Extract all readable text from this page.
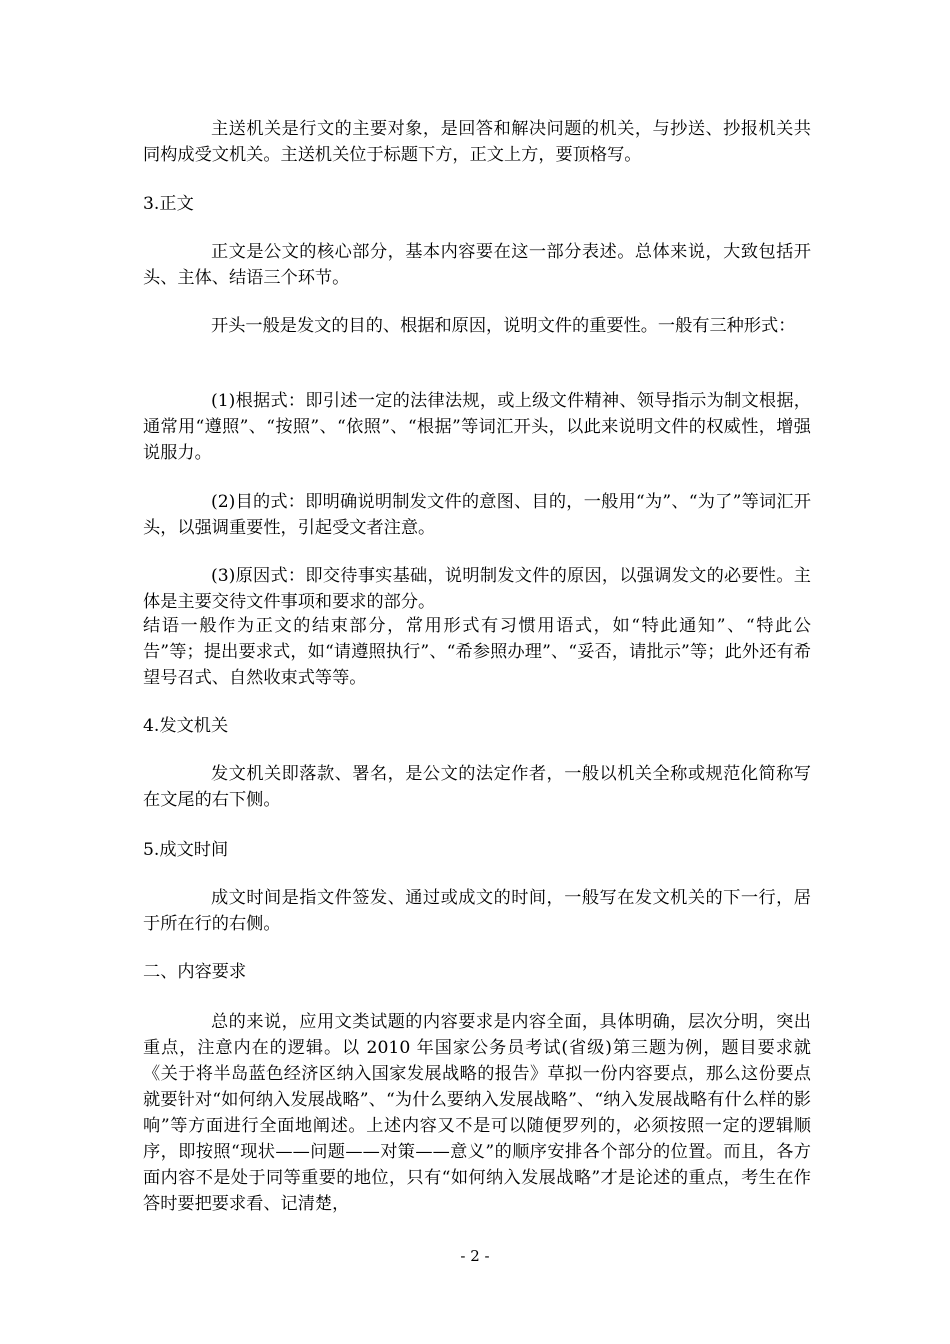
主送机关是行文的主要对象，是回答和解决问题的机关，与抄送、抄报机关共同构成受文机关。主送机关位于标题下方，正文上方，要顶格写。

3.正文

正文是公文的核心部分，基本内容要在这一部分表述。总体来说，大致包括开头、主体、结语三个环节。

开头一般是发文的目的、根据和原因，说明文件的重要性。一般有三种形式：

(1)根据式：即引述一定的法律法规，或上级文件精神、领导指示为制文根据，通常用“遵照”、“按照”、“依照”、“根据”等词汇开头，以此来说明文件的权威性，增强说服力。

(2)目的式：即明确说明制发文件的意图、目的，一般用“为”、“为了”等词汇开头，以强调重要性，引起受文者注意。

(3)原因式：即交待事实基础，说明制发文件的原因，以强调发文的必要性。主体是主要交待文件事项和要求的部分。

结语一般作为正文的结束部分，常用形式有习惯用语式，如“特此通知”、“特此公告”等；提出要求式，如“请遵照执行”、“希参照办理”、“妥否，请批示”等；此外还有希望号召式、自然收束式等等。

4.发文机关

发文机关即落款、署名，是公文的法定作者，一般以机关全称或规范化简称写在文尾的右下侧。

5.成文时间

成文时间是指文件签发、通过或成文的时间，一般写在发文机关的下一行，居于所在行的右侧。

二、内容要求

总的来说，应用文类试题的内容要求是内容全面，具体明确，层次分明，突出重点，注意内在的逻辑。以 2010 年国家公务员考试(省级)第三题为例，题目要求就《关于将半岛蓝色经济区纳入国家发展战略的报告》草拟一份内容要点，那么这份要点就要针对“如何纳入发展战略”、“为什么要纳入发展战略”、“纳入发展战略有什么样的影响”等方面进行全面地阐述。上述内容又不是可以随便罗列的，必须按照一定的逻辑顺序，即按照“现状——问题——对策——意义”的顺序安排各个部分的位置。而且，各方面内容不是处于同等重要的地位，只有“如何纳入发展战略”才是论述的重点，考生在作答时要把要求看、记清楚，

- 2 -
